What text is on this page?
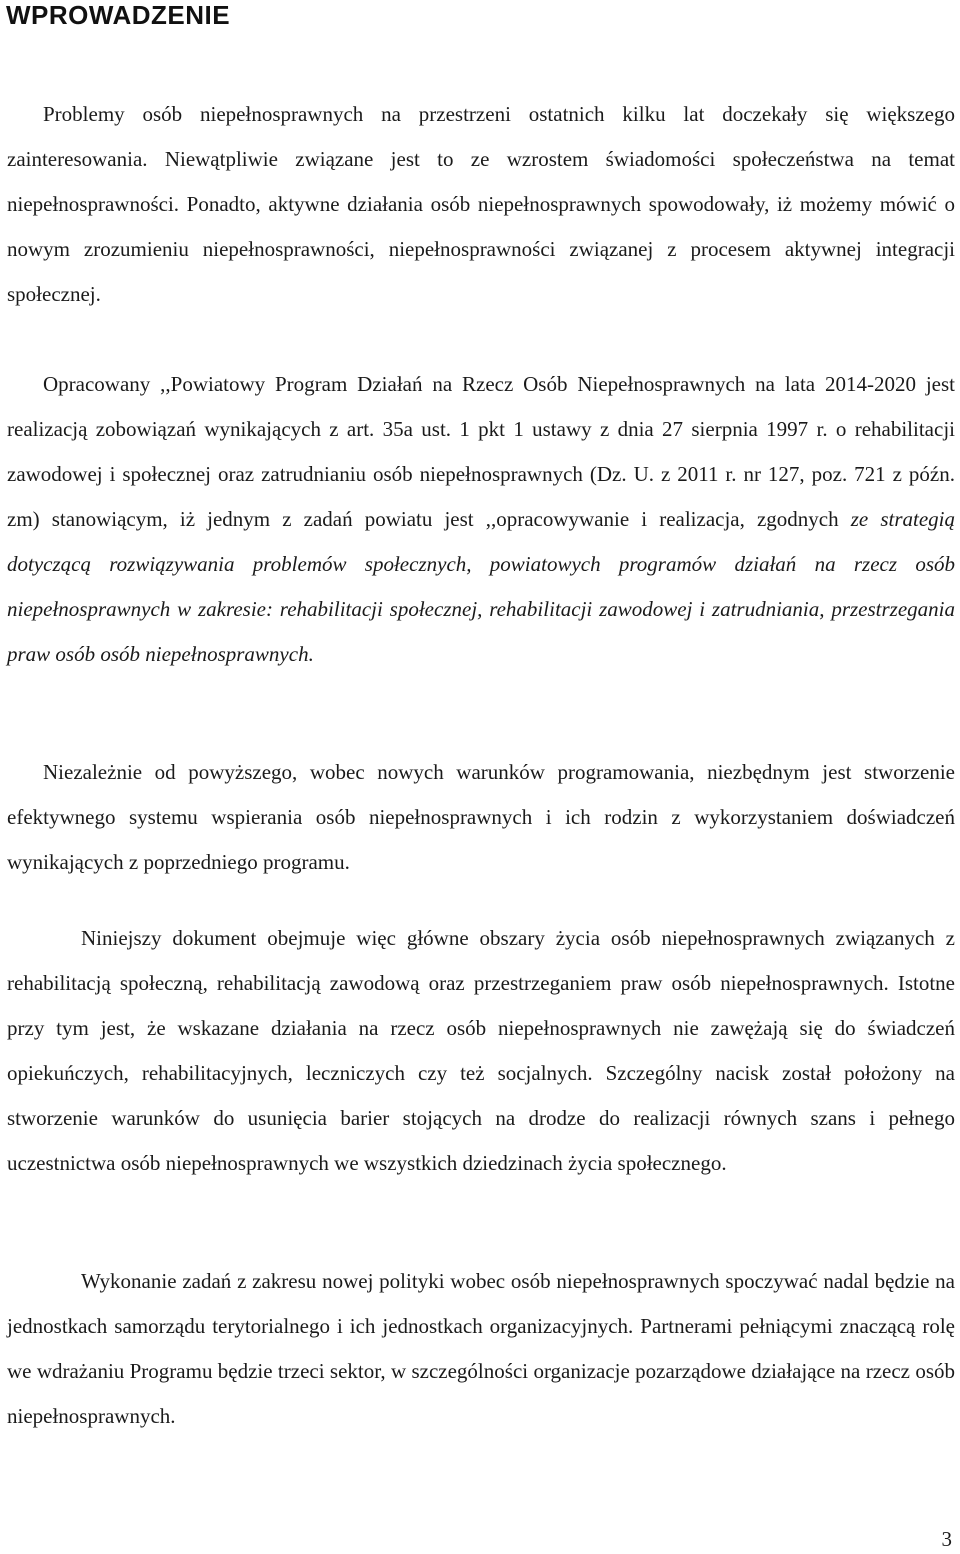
WPROWADZENIE

Problemy osób niepełnosprawnych na przestrzeni ostatnich kilku lat doczekały się większego zainteresowania. Niewątpliwie związane jest to ze wzrostem świadomości społeczeństwa na temat niepełnosprawności. Ponadto, aktywne działania osób niepełnosprawnych spowodowały, iż możemy mówić o nowym zrozumieniu niepełnosprawności, niepełnosprawności związanej z procesem aktywnej integracji społecznej.

Opracowany ,,Powiatowy Program Działań na Rzecz Osób Niepełnosprawnych na lata 2014-2020 jest realizacją zobowiązań wynikających z art. 35a ust. 1 pkt 1 ustawy z dnia 27 sierpnia 1997 r. o rehabilitacji zawodowej i społecznej oraz zatrudnianiu osób niepełnosprawnych (Dz. U. z 2011 r. nr 127, poz. 721 z późn. zm) stanowiącym, iż jednym z zadań powiatu jest ,,opracowywanie i realizacja, zgodnych ze strategią dotyczącą rozwiązywania problemów społecznych, powiatowych programów działań na rzecz osób niepełnosprawnych w zakresie: rehabilitacji społecznej, rehabilitacji zawodowej i zatrudniania, przestrzegania praw osób osób niepełnosprawnych.

Niezależnie od powyższego, wobec nowych warunków programowania, niezbędnym jest stworzenie efektywnego systemu wspierania osób niepełnosprawnych i ich rodzin z wykorzystaniem doświadczeń wynikających z poprzedniego programu.

Niniejszy dokument obejmuje więc główne obszary życia osób niepełnosprawnych związanych z rehabilitacją społeczną, rehabilitacją zawodową oraz przestrzeganiem praw osób niepełnosprawnych. Istotne przy tym jest, że wskazane działania na rzecz osób niepełnosprawnych nie zawężają się do świadczeń opiekuńczych, rehabilitacyjnych, leczniczych czy też socjalnych. Szczególny nacisk został położony na stworzenie warunków do usunięcia barier stojących na drodze do realizacji równych szans i pełnego uczestnictwa osób niepełnosprawnych we wszystkich dziedzinach życia społecznego.

Wykonanie zadań z zakresu nowej polityki wobec osób niepełnosprawnych spoczywać nadal będzie na jednostkach samorządu terytorialnego i ich jednostkach organizacyjnych. Partnerami pełniącymi znaczącą rolę we wdrażaniu Programu będzie trzeci sektor, w szczególności organizacje pozarządowe działające na rzecz osób niepełnosprawnych.

3
